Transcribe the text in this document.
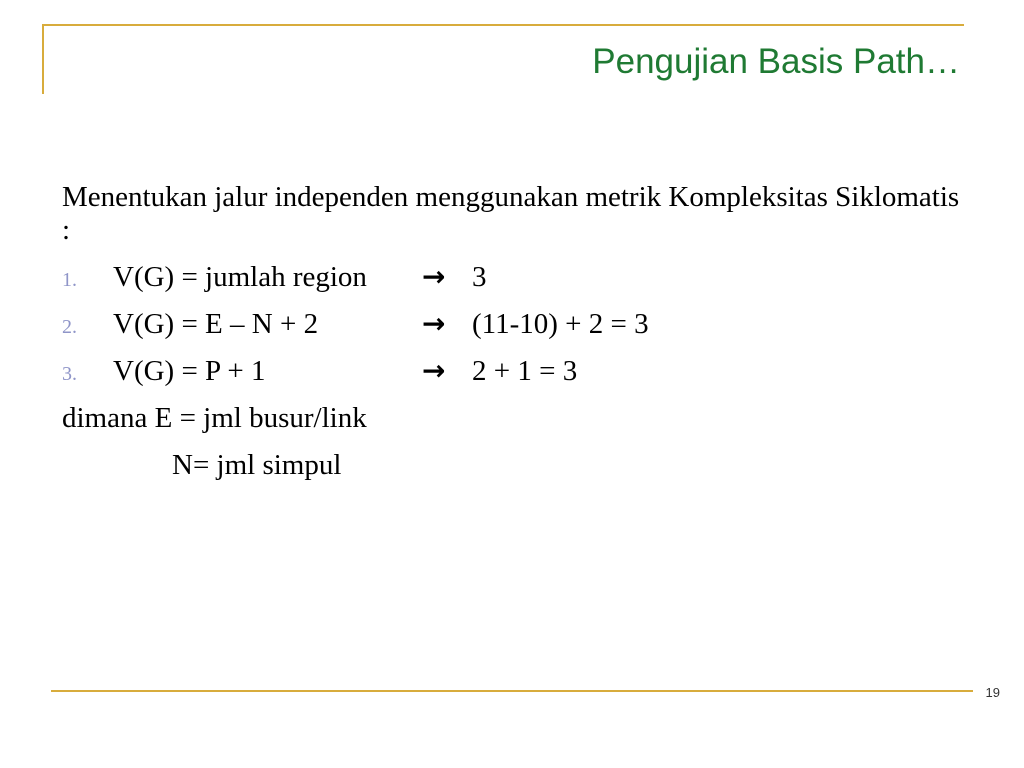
Pengujian Basis Path…

Menentukan jalur independen menggunakan metrik Kompleksitas Siklomatis :

1. V(G) = jumlah region → 3
2. V(G) = E – N + 2	→ (11-10) + 2 = 3
3. V(G) = P + 1	→ 2 + 1 = 3

dimana E = jml busur/link

N= jml simpul

19
